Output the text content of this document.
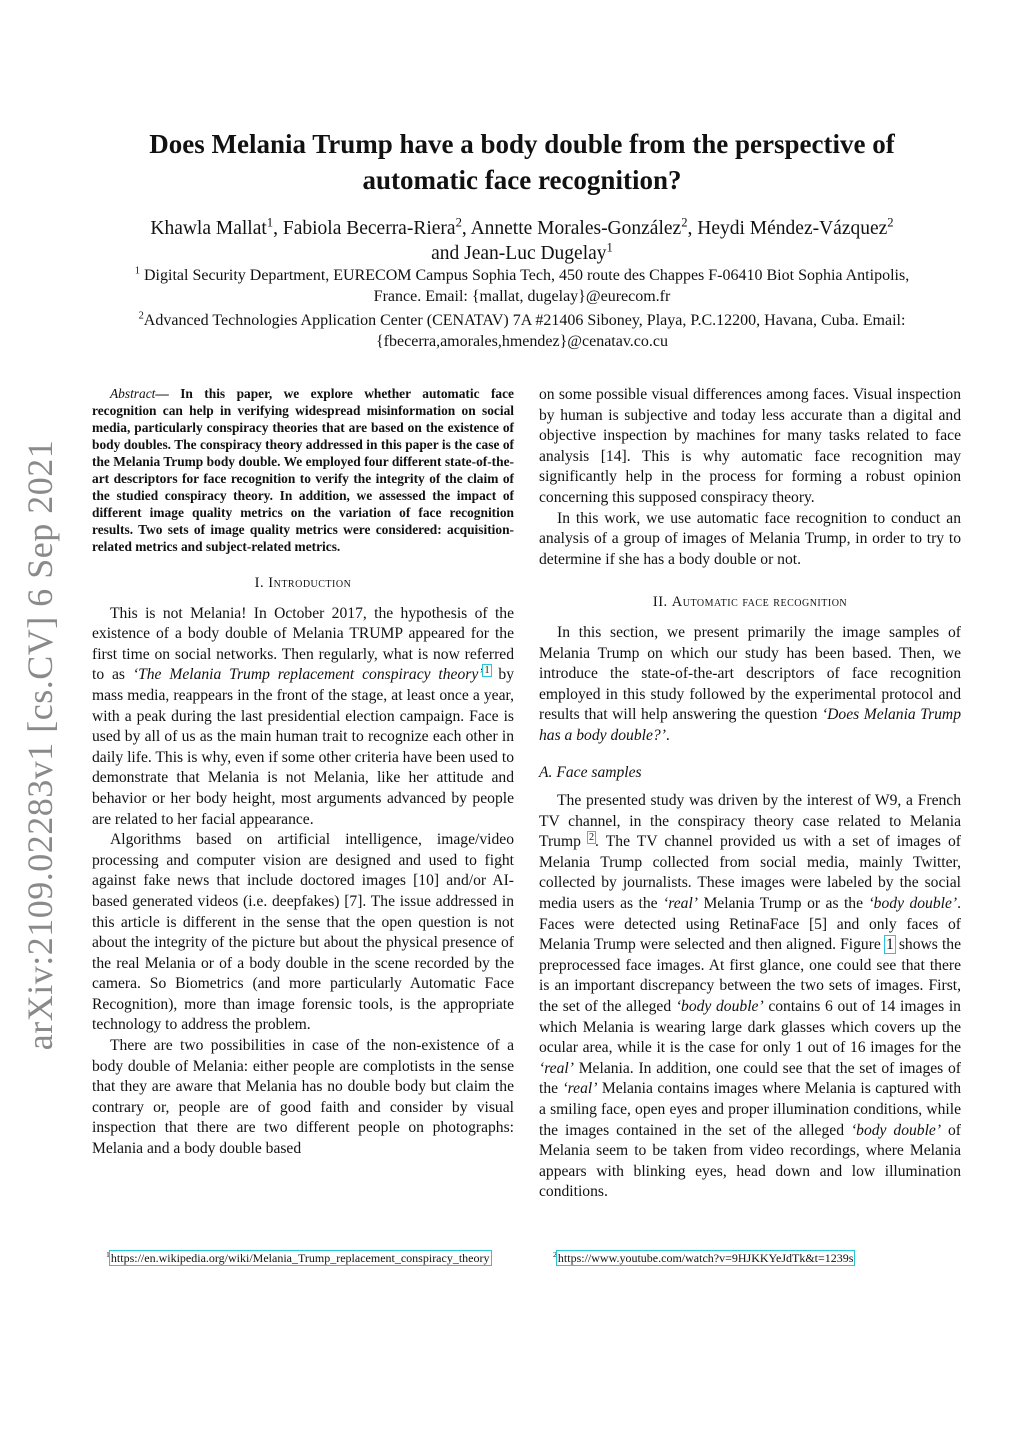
arXiv:2109.02283v1 [cs.CV] 6 Sep 2021
Does Melania Trump have a body double from the perspective of
automatic face recognition?

Khawla Mallat$^1$, Fabiola Becerra-Riera$^2$, Annette Morales-González$^2$, Heydi Méndez-Vázquez$^2$ and Jean-Luc Dugelay$^1$

$^1$ Digital Security Department, EURECOM Campus Sophia Tech, 450 route des Chappes F-06410 Biot Sophia Antipolis, France. Email: {mallat, dugelay}@eurecom.fr

$^2$Advanced Technologies Application Center (CENATAV) 7A #21406 Siboney, Playa, P.C.12200, Havana, Cuba. Email: {fbecerra,amorales,hmendez}@cenatav.co.cu

Abstract— In this paper, we explore whether automatic face recognition can help in verifying widespread misinformation on social media, particularly conspiracy theories that are based on the existence of body doubles. The conspiracy theory addressed in this paper is the case of the Melania Trump body double. We employed four different state-of-the-art descriptors for face recognition to verify the integrity of the claim of the studied conspiracy theory. In addition, we assessed the impact of different image quality metrics on the variation of face recognition results. Two sets of image quality metrics were considered: acquisition-related metrics and subject-related metrics.

I. Introduction

This is not Melania! In October 2017, the hypothesis of the existence of a body double of Melania TRUMP appeared for the first time on social networks. Then regularly, what is now referred to as ‘The Melania Trump replacement conspiracy theory’$^1$ by mass media, reappears in the front of the stage, at least once a year, with a peak during the last presidential election campaign. Face is used by all of us as the main human trait to recognize each other in daily life. This is why, even if some other criteria have been used to demonstrate that Melania is not Melania, like her attitude and behavior or her body height, most arguments advanced by people are related to her facial appearance.

Algorithms based on artificial intelligence, image/video processing and computer vision are designed and used to fight against fake news that include doctored images [10] and/or AI-based generated videos (i.e. deepfakes) [7]. The issue addressed in this article is different in the sense that the open question is not about the integrity of the picture but about the physical presence of the real Melania or of a body double in the scene recorded by the camera. So Biometrics (and more particularly Automatic Face Recognition), more than image forensic tools, is the appropriate technology to address the problem.

There are two possibilities in case of the non-existence of a body double of Melania: either people are complotists in the sense that they are aware that Melania has no double body but claim the contrary or, people are of good faith and consider by visual inspection that there are two different people on photographs: Melania and a body double based

on some possible visual differences among faces. Visual inspection by human is subjective and today less accurate than a digital and objective inspection by machines for many tasks related to face analysis [14]. This is why automatic face recognition may significantly help in the process for forming a robust opinion concerning this supposed conspiracy theory.

In this work, we use automatic face recognition to conduct an analysis of a group of images of Melania Trump, in order to try to determine if she has a body double or not.

II. Automatic face recognition

In this section, we present primarily the image samples of Melania Trump on which our study has been based. Then, we introduce the state-of-the-art descriptors of face recognition employed in this study followed by the experimental protocol and results that will help answering the question ‘Does Melania Trump has a body double?’.

A. Face samples

The presented study was driven by the interest of W9, a French TV channel, in the conspiracy theory case related to Melania Trump $^2$. The TV channel provided us with a set of images of Melania Trump collected from social media, mainly Twitter, collected by journalists. These images were labeled by the social media users as the ‘real’ Melania Trump or as the ‘body double’. Faces were detected using RetinaFace [5] and only faces of Melania Trump were selected and then aligned. Figure 1 shows the preprocessed face images. At first glance, one could see that there is an important discrepancy between the two sets of images. First, the set of the alleged ‘body double’ contains 6 out of 14 images in which Melania is wearing large dark glasses which covers up the ocular area, while it is the case for only 1 out of 16 images for the ‘real’ Melania. In addition, one could see that the set of images of the ‘real’ Melania contains images where Melania is captured with a smiling face, open eyes and proper illumination conditions, while the images contained in the set of the alleged ‘body double’ of Melania seem to be taken from video recordings, where Melania appears with blinking eyes, head down and low illumination conditions.

$^1$https://en.wikipedia.org/wiki/Melania_Trump_replacement_conspiracy_theory	$^2$https://www.youtube.com/watch?v=9HJKKYeJdTk&t=1239s
